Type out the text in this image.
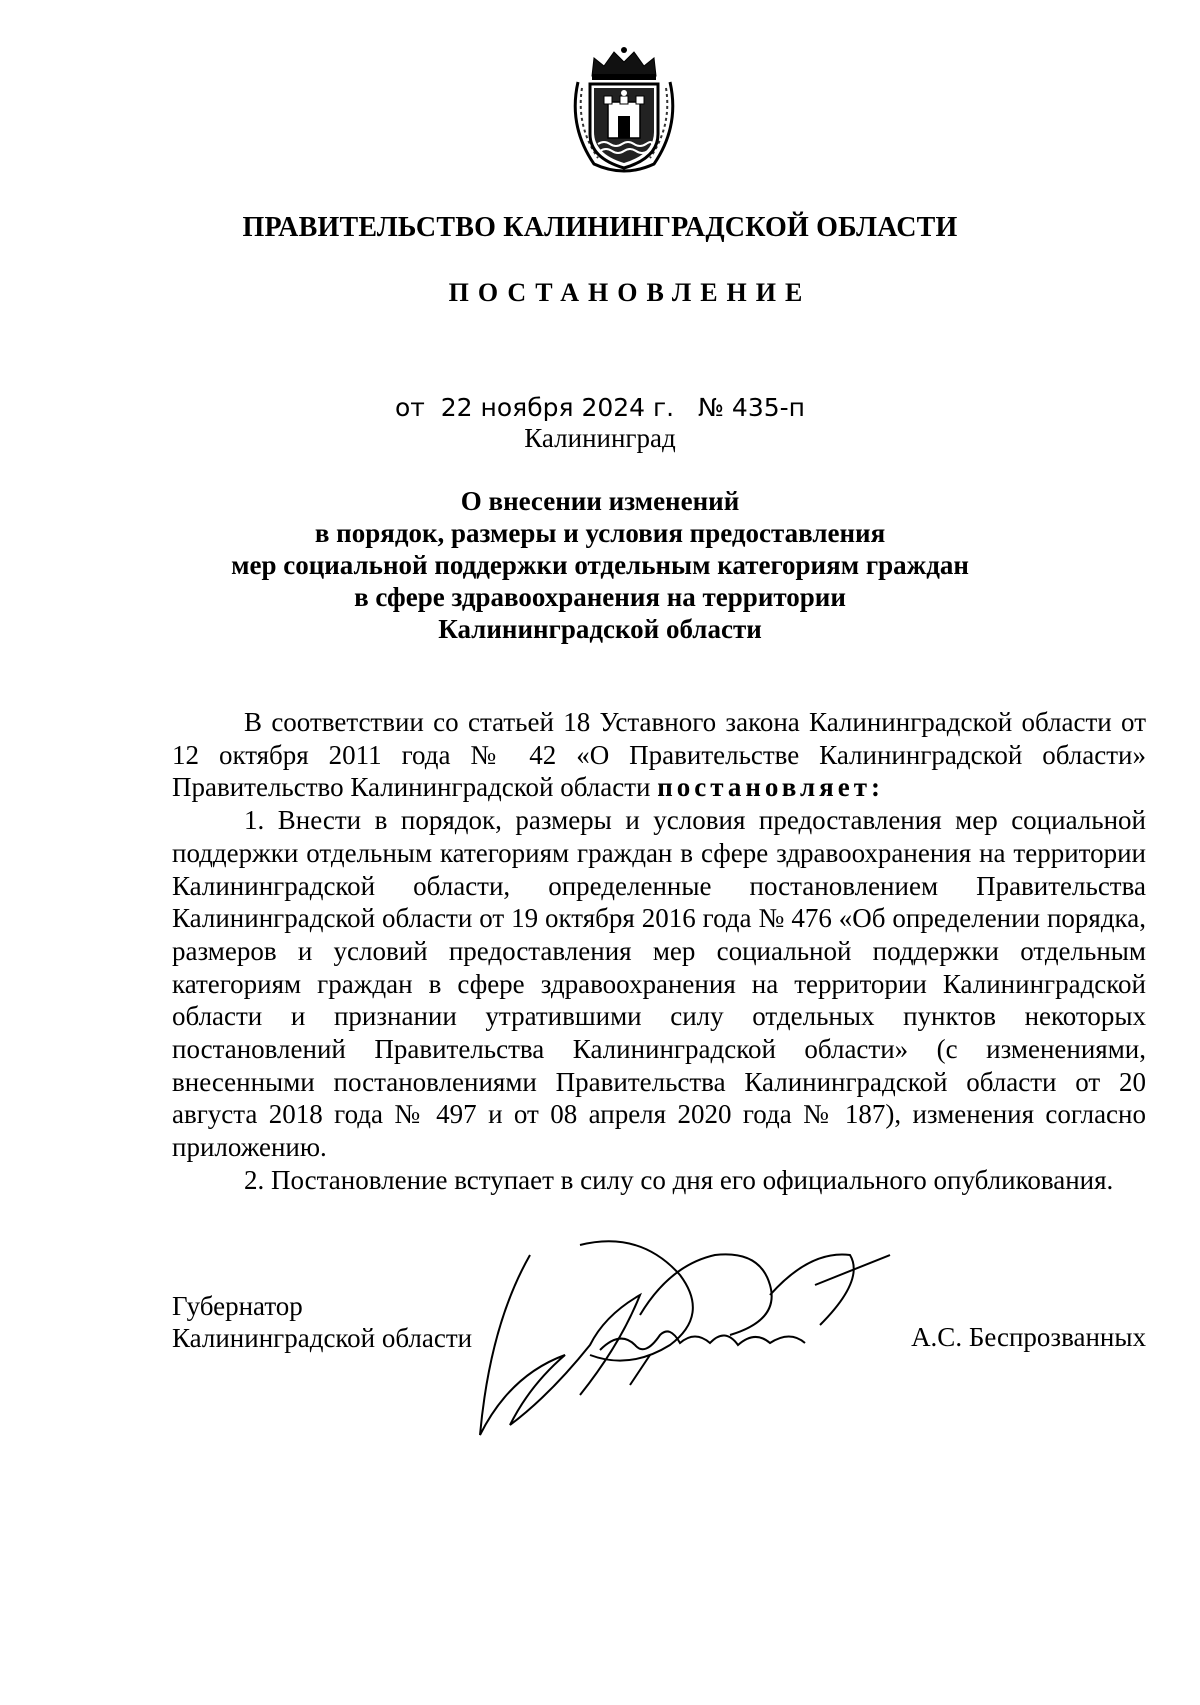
ПРАВИТЕЛЬСТВО КАЛИНИНГРАДСКОЙ ОБЛАСТИ
ПОСТАНОВЛЕНИЕ
от 22 ноября 2024 г. № 435-п
Калининград
О внесении изменений
в порядок, размеры и условия предоставления
мер социальной поддержки отдельным категориям граждан
в сфере здравоохранения на территории
Калининградской области

В соответствии со статьей 18 Уставного закона Калининградской области от 12 октября 2011 года № 42 «О Правительстве Калининградской области» Правительство Калининградской области постановляет:

1. Внести в порядок, размеры и условия предоставления мер социальной поддержки отдельным категориям граждан в сфере здравоохранения на территории Калининградской области, определенные постановлением Правительства Калининградской области от 19 октября 2016 года № 476 «Об определении порядка, размеров и условий предоставления мер социальной поддержки отдельным категориям граждан в сфере здравоохранения на территории Калининградской области и признании утратившими силу отдельных пунктов некоторых постановлений Правительства Калининградской области» (с изменениями, внесенными постановлениями Правительства Калининградской области от 20 августа 2018 года № 497 и от 08 апреля 2020 года № 187), изменения согласно приложению.

2. Постановление вступает в силу со дня его официального опубликования.

Губернатор
Калининградской области	А.С. Беспрозванных
